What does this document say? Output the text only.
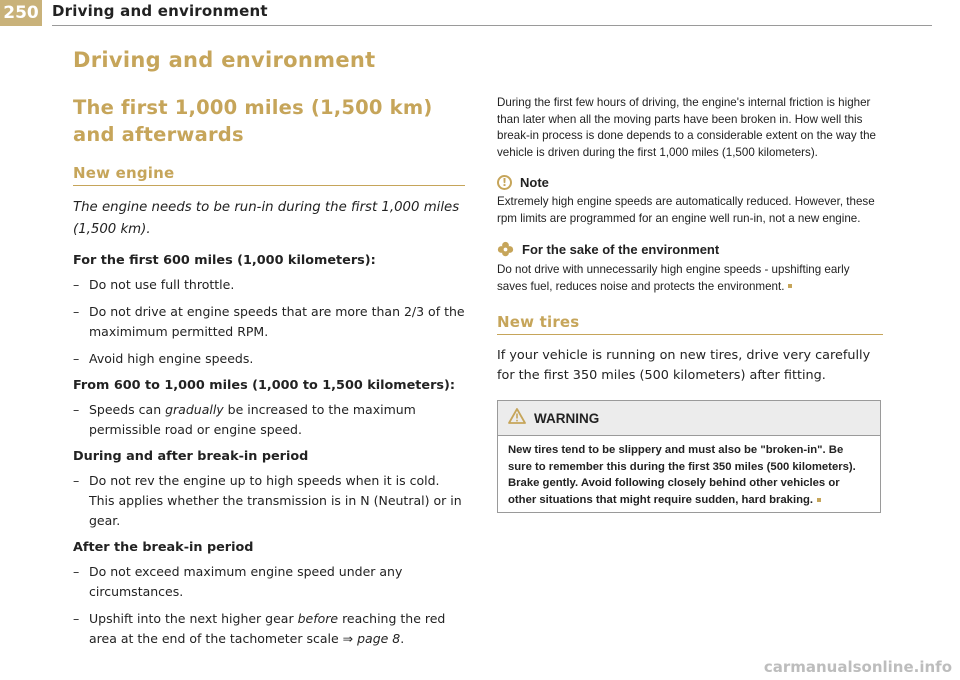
250 Driving and environment
Driving and environment
The first 1,000 miles (1,500 km)
and afterwards
New engine

The engine needs to be run-in during the first 1,000 miles (1,500 km).

For the first 600 miles (1,000 kilometers):
– Do not use full throttle.
– Do not drive at engine speeds that are more than 2/3 of the maximimum permitted RPM.
– Avoid high engine speeds.
From 600 to 1,000 miles (1,000 to 1,500 kilometers):
– Speeds can gradually be increased to the maximum permissible road or engine speed.
During and after break-in period
– Do not rev the engine up to high speeds when it is cold. This applies whether the transmission is in N (Neutral) or in gear.
After the break-in period
– Do not exceed maximum engine speed under any circumstances.
– Upshift into the next higher gear before reaching the red area at the end of the tachometer scale ⇒ page 8.

During the first few hours of driving, the engine's internal friction is higher than later when all the moving parts have been broken in. How well this break-in process is done depends to a considerable extent on the way the vehicle is driven during the first 1,000 miles (1,500 kilometers).

! Note

Extremely high engine speeds are automatically reduced. However, these rpm limits are programmed for an engine well run-in, not a new engine.

For the sake of the environment

Do not drive with unnecessarily high engine speeds - upshifting early saves fuel, reduces noise and protects the environment.

New tires

If your vehicle is running on new tires, drive very carefully for the first 350 miles (500 kilometers) after fitting.

WARNING
New tires tend to be slippery and must also be "broken-in". Be sure to remember this during the first 350 miles (500 kilometers). Brake gently. Avoid following closely behind other vehicles or other situations that might require sudden, hard braking.
carmanualsonline.info
